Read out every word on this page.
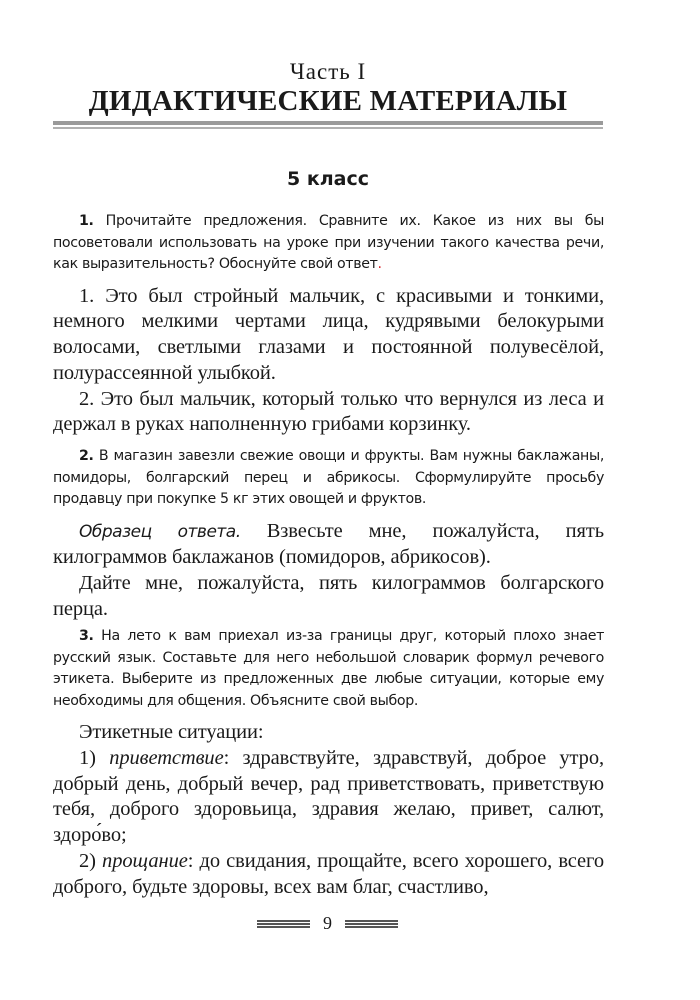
Часть I
ДИДАКТИЧЕСКИЕ МАТЕРИАЛЫ
5 класс

1. Прочитайте предложения. Сравните их. Какое из них вы бы посоветовали использовать на уроке при изучении такого качества речи, как выразительность? Обоснуйте свой ответ.

1. Это был стройный мальчик, с красивыми и тонкими, немного мелкими чертами лица, кудрявыми белокурыми волосами, светлыми глазами и постоянной полувесёлой, полурассеянной улыбкой.

2. Это был мальчик, который только что вернулся из леса и держал в руках наполненную грибами корзинку.

2. В магазин завезли свежие овощи и фрукты. Вам нужны баклажаны, помидоры, болгарский перец и абрикосы. Сформулируйте просьбу продавцу при покупке 5 кг этих овощей и фруктов.

Образец ответа. Взвесьте мне, пожалуйста, пять килограммов баклажанов (помидоров, абрикосов).

Дайте мне, пожалуйста, пять килограммов болгарского перца.

3. На лето к вам приехал из-за границы друг, который плохо знает русский язык. Составьте для него небольшой словарик формул речевого этикета. Выберите из предложенных две любые ситуации, которые ему необходимы для общения. Объясните свой выбор.

Этикетные ситуации:

1) приветствие: здравствуйте, здравствуй, доброе утро, добрый день, добрый вечер, рад приветствовать, приветствую тебя, доброго здоровьица, здравия желаю, привет, салют, здоро́во;

2) прощание: до свидания, прощайте, всего хорошего, всего доброго, будьте здоровы, всех вам благ, счастливо,

9
